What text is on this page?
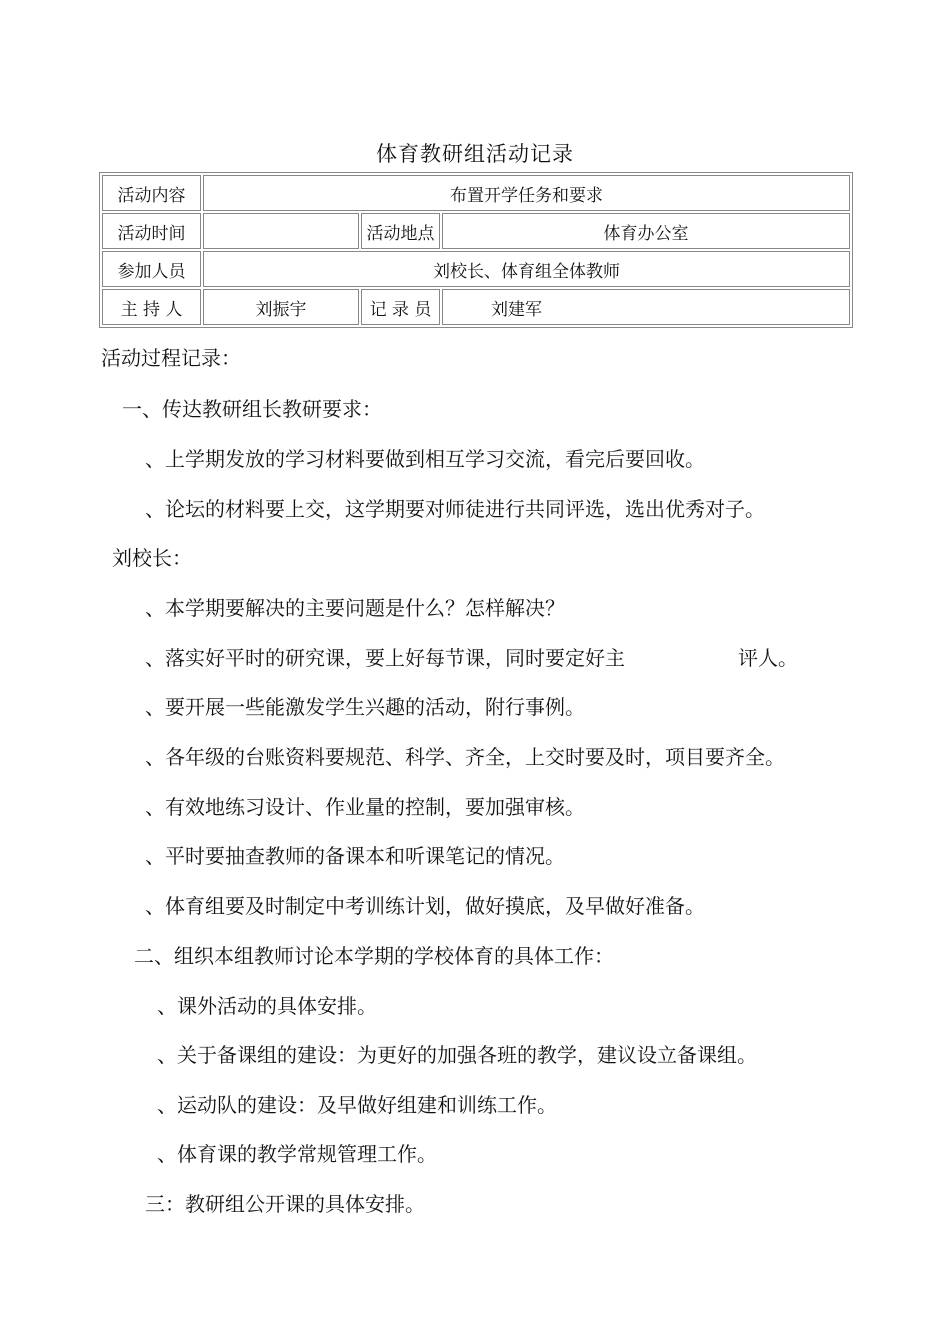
体育教研组活动记录
活动内容	布置开学任务和要求		
活动时间		活动地点	体育办公室
参加人员	刘校长、体育组全体教师		
主 持 人	刘振宇	记 录 员	刘建军
活动过程记录：
一、传达教研组长教研要求：
、上学期发放的学习材料要做到相互学习交流，看完后要回收。
、论坛的材料要上交，这学期要对师徒进行共同评选，选出优秀对子。
刘校长：
、本学期要解决的主要问题是什么？怎样解决？
、落实好平时的研究课，要上好每节课，同时要定好主	评人。
、要开展一些能激发学生兴趣的活动，附行事例。
、各年级的台账资料要规范、科学、齐全，上交时要及时，项目要齐全。
、有效地练习设计、作业量的控制，要加强审核。
、平时要抽查教师的备课本和听课笔记的情况。
、体育组要及时制定中考训练计划，做好摸底，及早做好准备。
二、组织本组教师讨论本学期的学校体育的具体工作：
、课外活动的具体安排。
、关于备课组的建设：为更好的加强各班的教学，建议设立备课组。
、运动队的建设：及早做好组建和训练工作。
、体育课的教学常规管理工作。
三：教研组公开课的具体安排。
